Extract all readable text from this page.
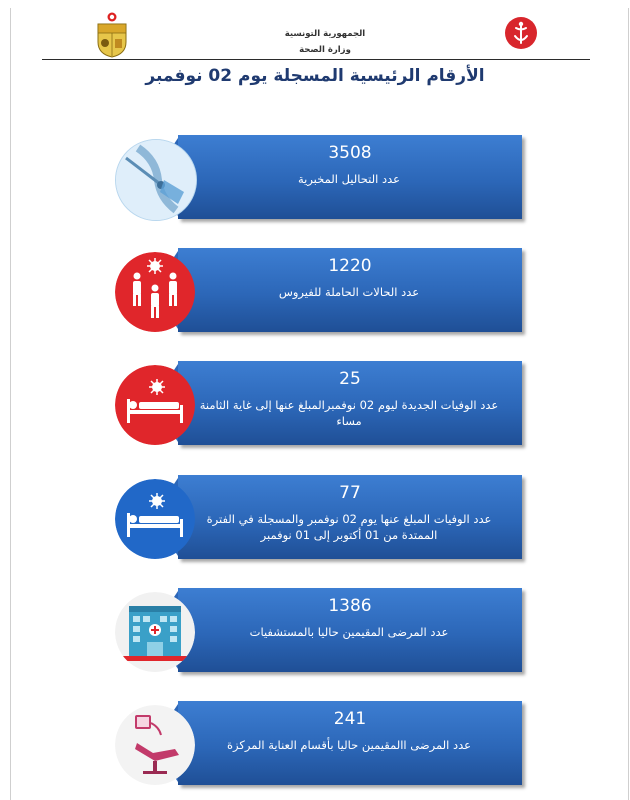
الجمهورية التونسية
وزارة الصحة
الأرقام الرئيسية المسجلة يوم 02 نوفمبر
3508
عدد التحاليل المخبرية
1220
عدد الحالات الحاملة للفيروس
25
عدد الوفيات الجديدة ليوم 02 نوفمبرالمبلغ عنها إلى غاية الثامنة مساء
77
عدد الوفيات المبلغ عنها يوم 02 نوفمبر والمسجلة في الفترة الممتدة من 01 أكتوبر إلى 01 نوفمبر
1386
عدد المرضى المقيمين حاليا بالمستشفيات
241
عدد المرضى االمقيمين حاليا بأقسام العناية المركزة
